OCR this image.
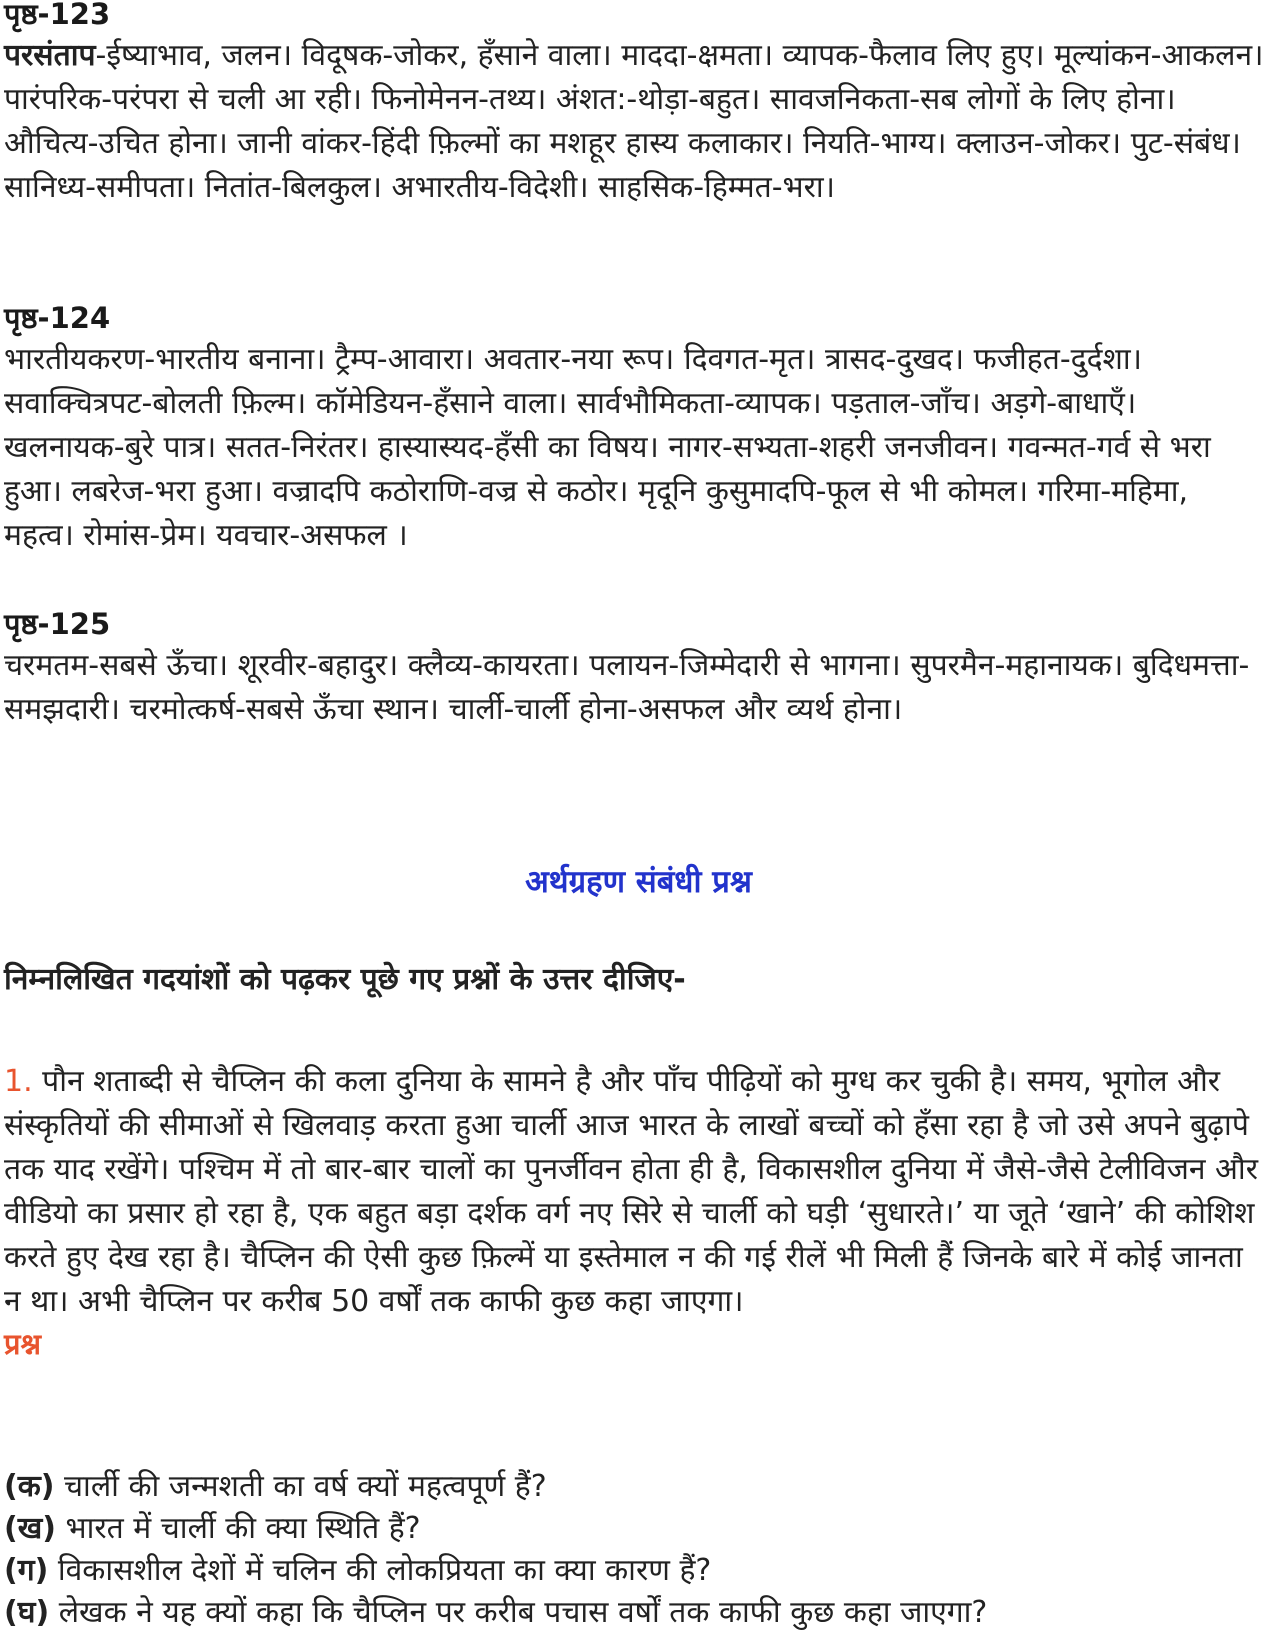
पृष्ठ-123

परसंताप-ईष्याभाव, जलन। विदूषक-जोकर, हँसाने वाला। माददा-क्षमता। व्यापक-फैलाव लिए हुए। मूल्यांकन-आकलन। पारंपरिक-परंपरा से चली आ रही। फिनोमेनन-तथ्य। अंशत:-थोड़ा-बहुत। सावजनिकता-सब लोगों के लिए होना। औचित्य-उचित होना। जानी वांकर-हिंदी फ़िल्मों का मशहूर हास्य कलाकार। नियति-भाग्य। क्लाउन-जोकर। पुट-संबंध। सानिध्य-समीपता। नितांत-बिलकुल। अभारतीय-विदेशी। साहसिक-हिम्मत-भरा।

पृष्ठ-124

भारतीयकरण-भारतीय बनाना। ट्रैम्प-आवारा। अवतार-नया रूप। दिवगत-मृत। त्रासद-दुखद। फजीहत-दुर्दशा। सवाक्चित्रपट-बोलती फ़िल्म। कॉमेडियन-हँसाने वाला। सार्वभौमिकता-व्यापक। पड़ताल-जाँच। अड़गे-बाधाएँ। खलनायक-बुरे पात्र। सतत-निरंतर। हास्यास्यद-हँसी का विषय। नागर-सभ्यता-शहरी जनजीवन। गवन्मत-गर्व से भरा हुआ। लबरेज-भरा हुआ। वज्रादपि कठोराणि-वज्र से कठोर। मृदूनि कुसुमादपि-फूल से भी कोमल। गरिमा-महिमा, महत्व। रोमांस-प्रेम। यवचार-असफल ।

पृष्ठ-125

चरमतम-सबसे ऊँचा। शूरवीर-बहादुर। क्लैव्य-कायरता। पलायन-जिम्मेदारी से भागना। सुपरमैन-महानायक। बुदिधमत्ता-समझदारी। चरमोत्कर्ष-सबसे ऊँचा स्थान। चार्ली-चार्ली होना-असफल और व्यर्थ होना।

अर्थग्रहण संबंधी प्रश्न

निम्नलिखित गदयांशों को पढ़कर पूछे गए प्रश्नों के उत्तर दीजिए-

1. पौन शताब्दी से चैप्लिन की कला दुनिया के सामने है और पाँच पीढ़ियों को मुग्ध कर चुकी है। समय, भूगोल और संस्कृतियों की सीमाओं से खिलवाड़ करता हुआ चार्ली आज भारत के लाखों बच्चों को हँसा रहा है जो उसे अपने बुढ़ापे तक याद रखेंगे। पश्चिम में तो बार-बार चालों का पुनर्जीवन होता ही है, विकासशील दुनिया में जैसे-जैसे टेलीविजन और वीडियो का प्रसार हो रहा है, एक बहुत बड़ा दर्शक वर्ग नए सिरे से चार्ली को घड़ी ‘सुधारते।’ या जूते ‘खाने’ की कोशिश करते हुए देख रहा है। चैप्लिन की ऐसी कुछ फ़िल्में या इस्तेमाल न की गई रीलें भी मिली हैं जिनके बारे में कोई जानता न था। अभी चैप्लिन पर करीब 50 वर्षों तक काफी कुछ कहा जाएगा।

प्रश्न

(क) चार्ली की जन्मशती का वर्ष क्यों महत्वपूर्ण हैं?

(ख) भारत में चार्ली की क्या स्थिति हैं?

(ग) विकासशील देशों में चलिन की लोकप्रियता का क्या कारण हैं?

(घ) लेखक ने यह क्यों कहा कि चैप्लिन पर करीब पचास वर्षों तक काफी कुछ कहा जाएगा?
